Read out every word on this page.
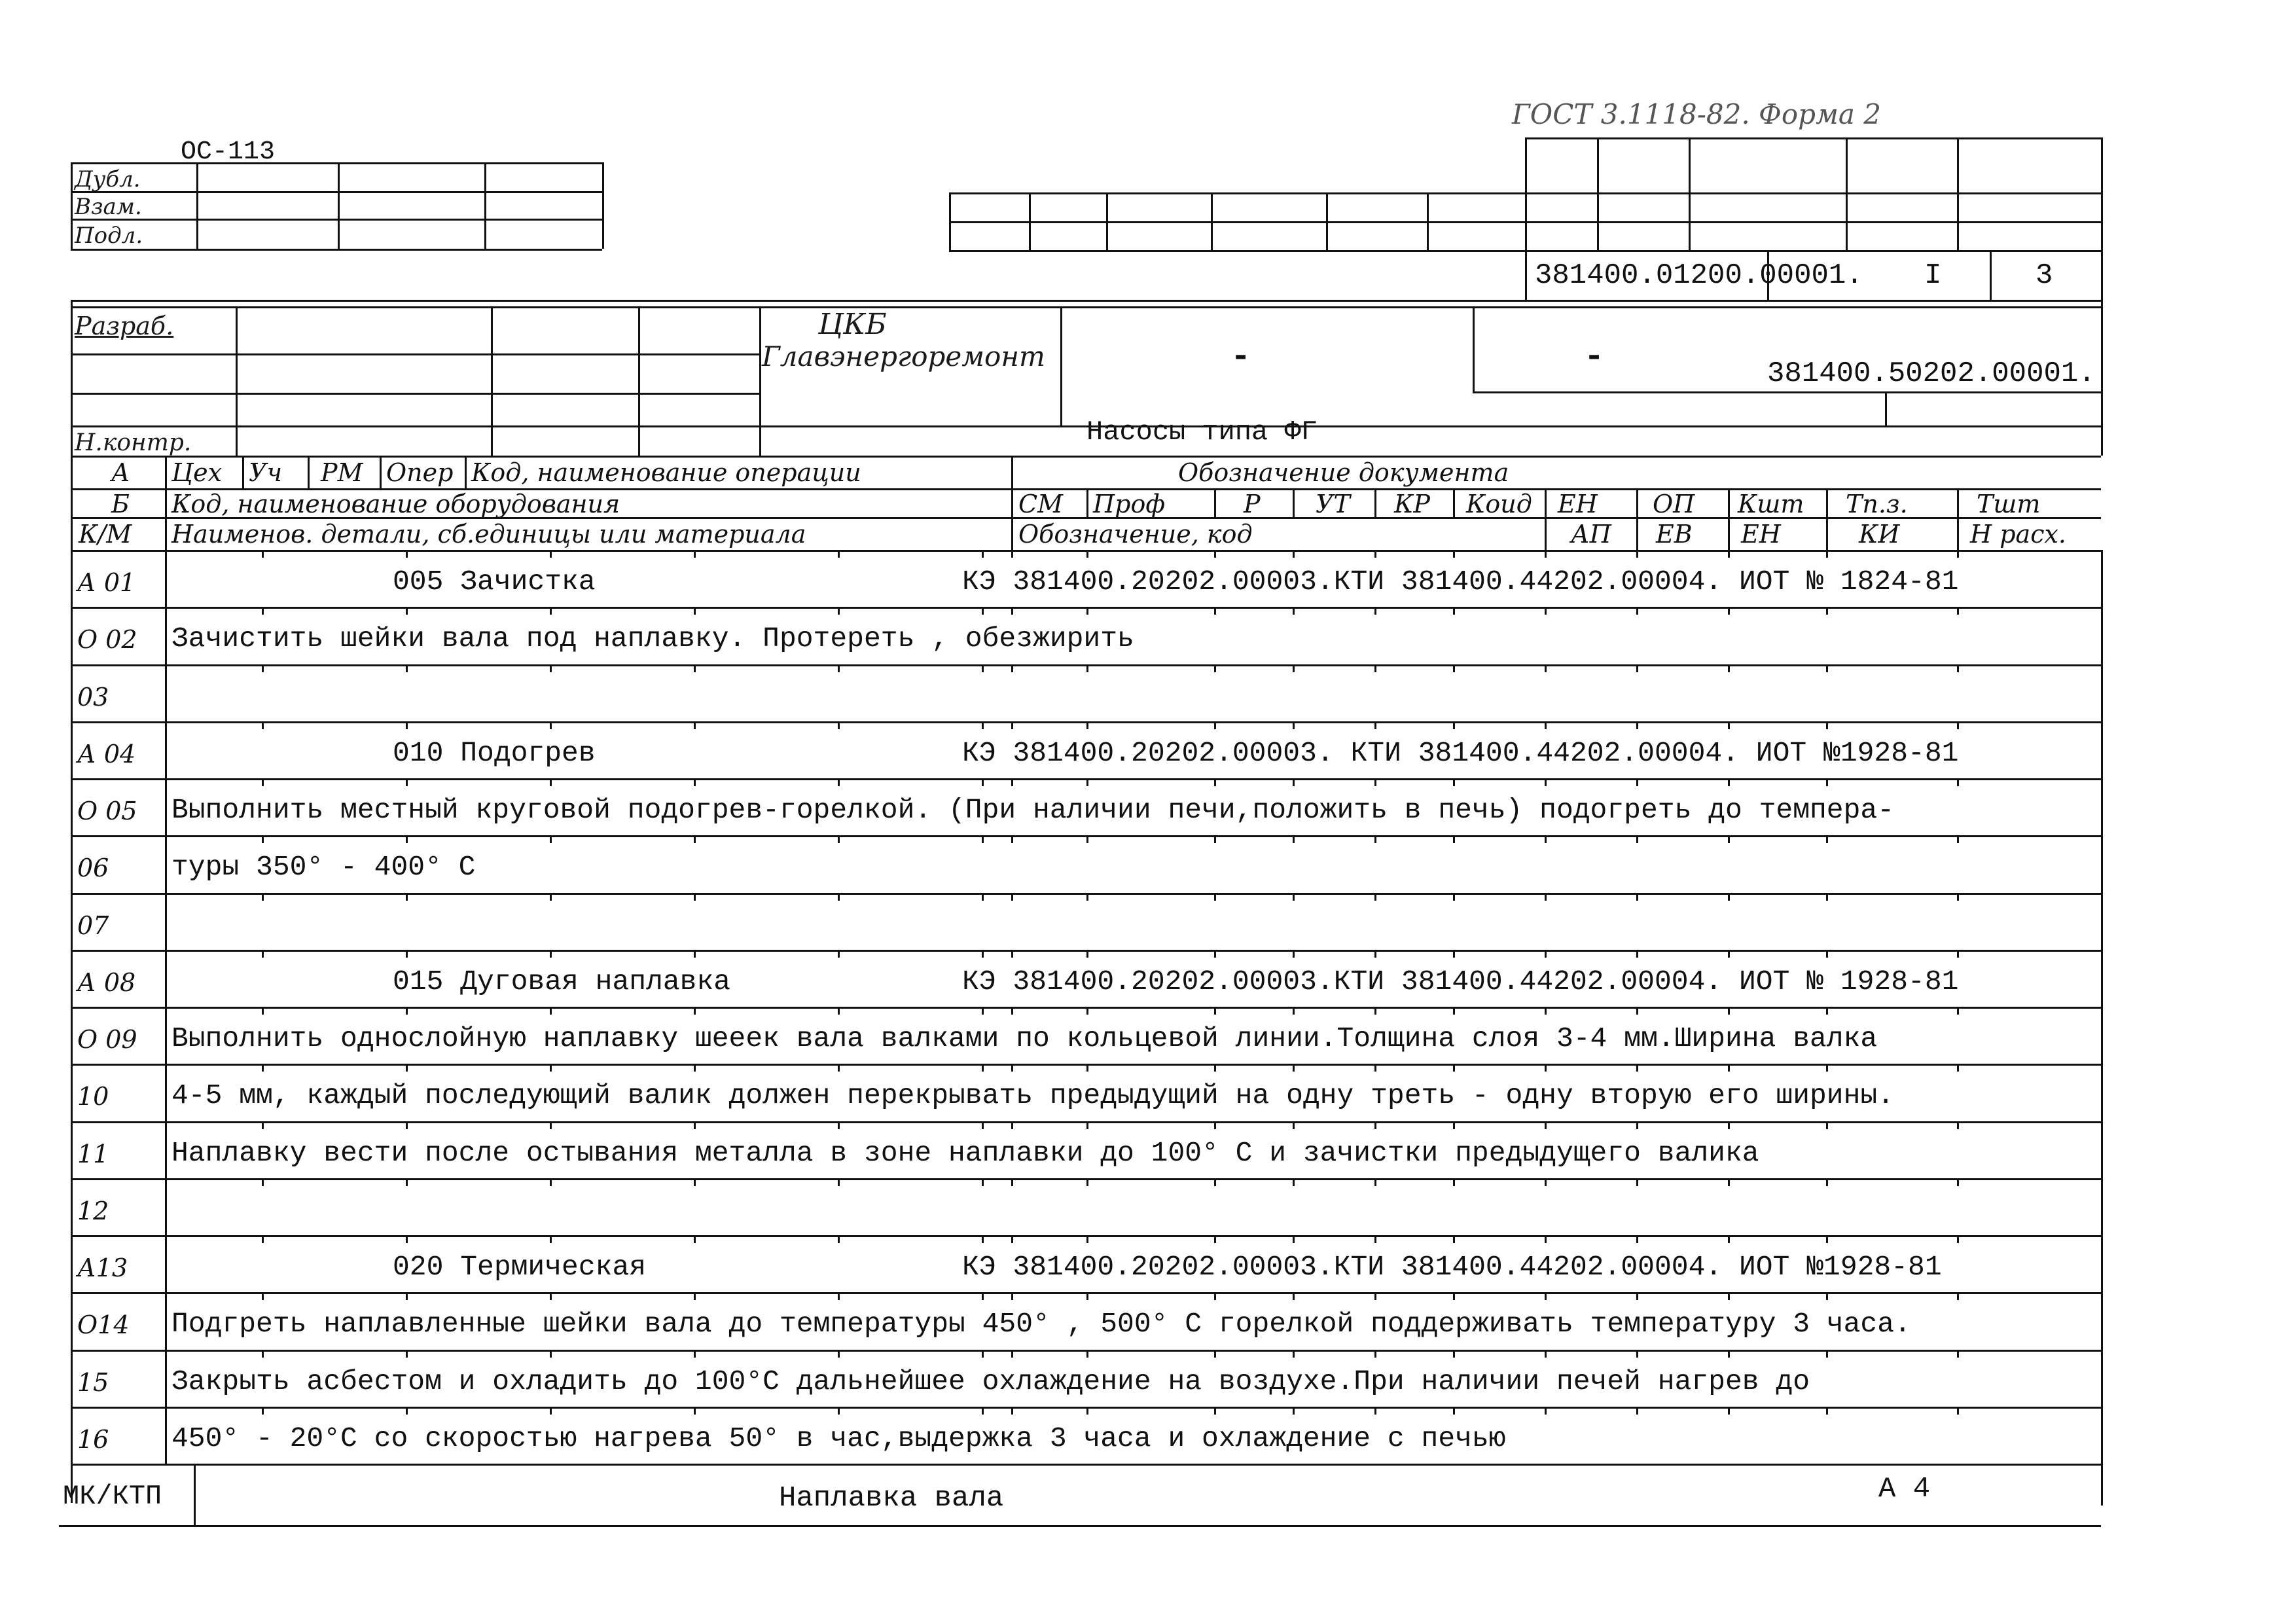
ОС-113
Дубл.
Взам.
Подл.
ГОСТ 3.1118-82. Форма 2
381400.01200.00001. I	3
Разраб.
Н.контр.
ЦКБ
Главэнергоремонт	-	-	381400.50202.00001.
Насосы типа ФГ
А Цех Уч РМ Опер Код, наименование операции	Обозначение документа
Б Код, наименование оборудования	СМ Проф	Р УТ КР Коид ЕН ОП Кшт Тп.з.	Тшт
К/М Наименов. детали, сб.единицы или материала	Обозначение, код	АП ЕВ ЕН	КИ	Н расх.
А 01	005 Зачистка	КЭ 381400.20202.00003.КТИ 381400.44202.00004. ИОТ № 1824-81
О 02 Зачистить шейки вала под наплавку. Протереть , обезжирить
03
А 04	010 Подогрев	КЭ 381400.20202.00003. КТИ 381400.44202.00004. ИОТ №1928-81
О 05 Выполнить местный круговой подогрев-горелкой. (При наличии печи,положить в печь) подогреть до темпера-
06 туры 350° - 400° С
07
А 08	015 Дуговая наплавка	КЭ 381400.20202.00003.КТИ 381400.44202.00004. ИОТ № 1928-81
О 09 Выполнить однослойную наплавку шеeек вала валками по кольцевой линии.Толщина слоя 3-4 мм.Ширина валка
10 4-5 мм, каждый последующий валик должен перекрывать предыдущий на одну треть - одну вторую его ширины.
11 Наплавку вести после остывания металла в зоне наплавки до 100° С и зачистки предыдущего валика
12
А13	020 Термическая	КЭ 381400.20202.00003.КТИ 381400.44202.00004. ИОТ №1928-81
О14 Подгреть наплавленные шейки вала до температуры 450° , 500° С горелкой поддерживать температуру 3 часа.
15 Закрыть асбестом и охладить до 100°С дальнейшее охлаждение на воздухе.При наличии печей нагрев до
16 450° - 20°С со скоростью нагрева 50° в час,выдержка 3 часа и охлаждение с печью
МК/КТП	Наплавка вала	А 4
